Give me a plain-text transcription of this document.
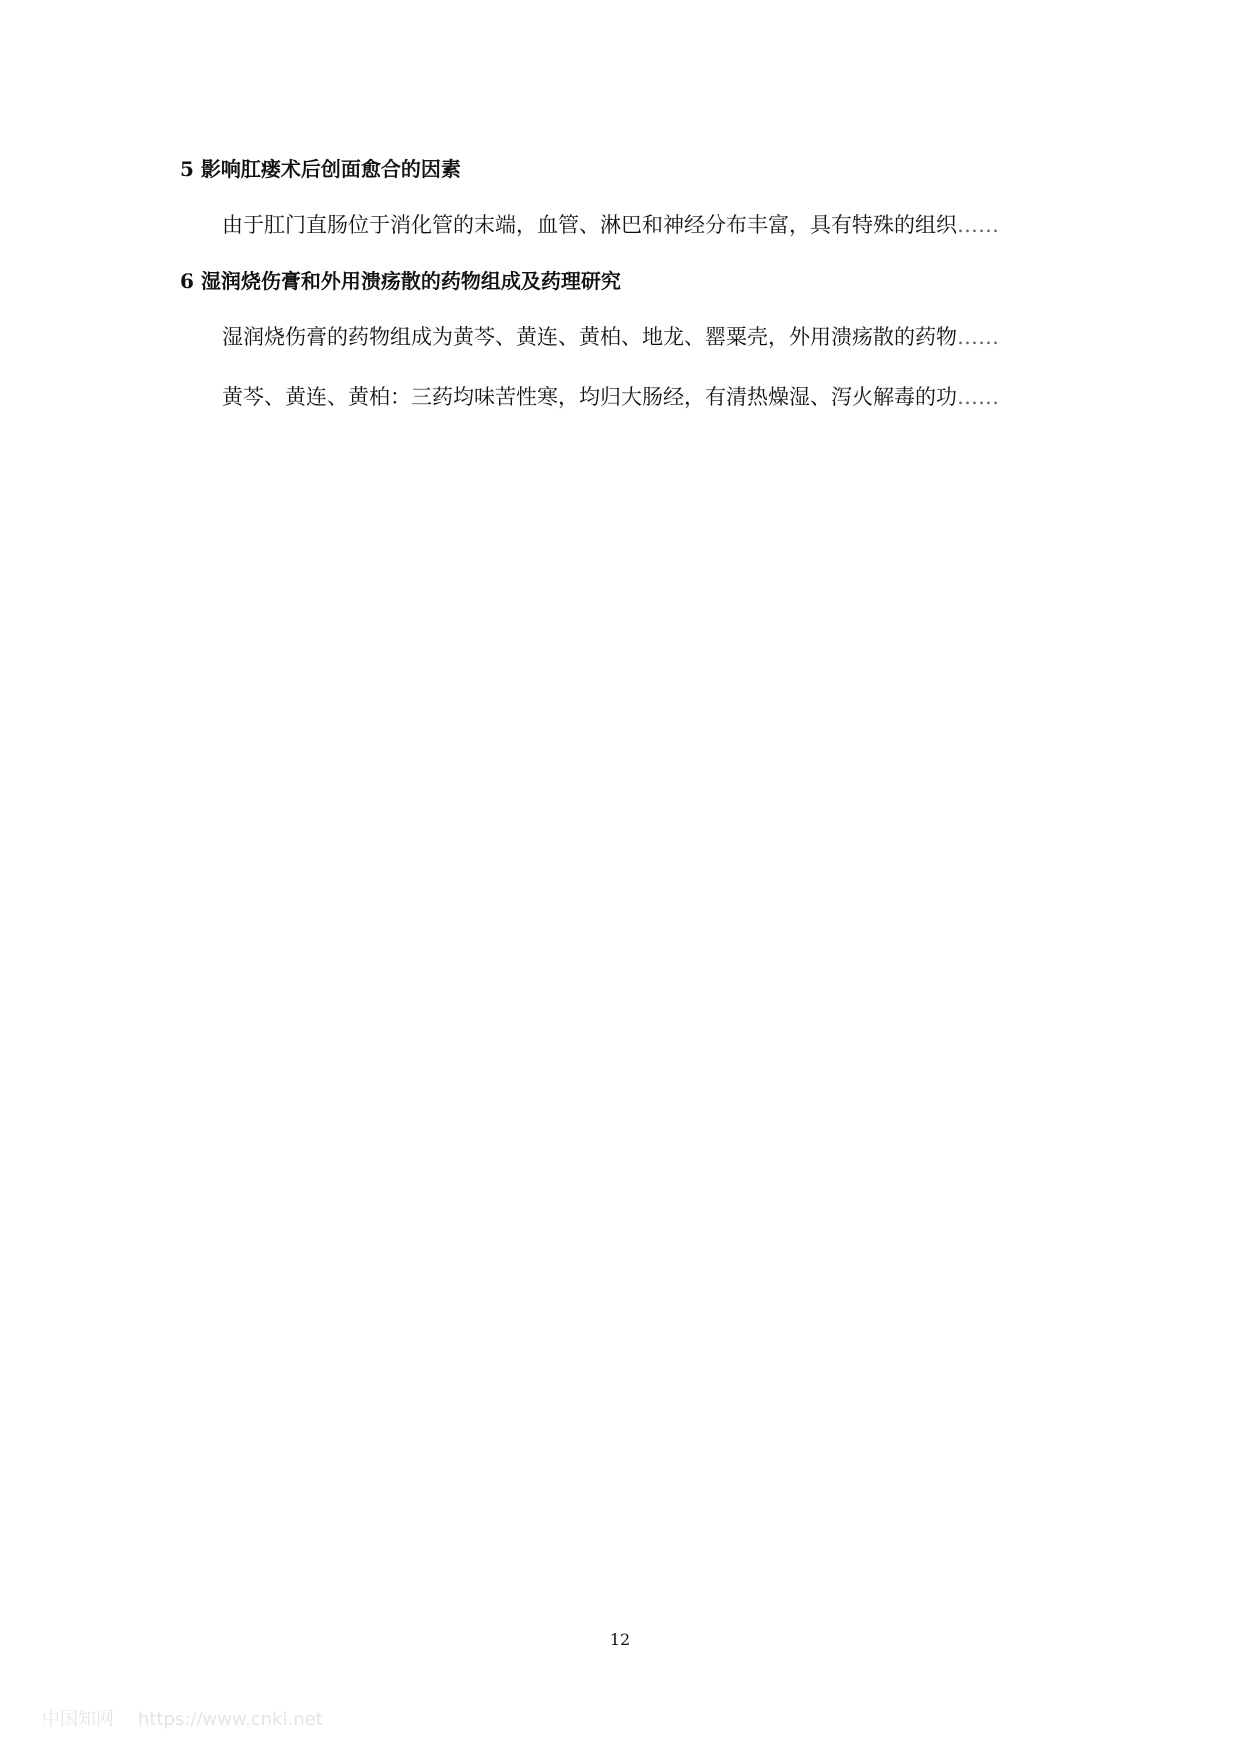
5 影响肛瘘术后创面愈合的因素

由于肛门直肠位于消化管的末端，血管、淋巴和神经分布丰富，具有特殊的组织……

6 湿润烧伤膏和外用溃疡散的药物组成及药理研究

湿润烧伤膏的药物组成为黄芩、黄连、黄柏、地龙、罂粟壳，外用溃疡散的药物……

黄芩、黄连、黄柏：三药均味苦性寒，均归大肠经，有清热燥湿、泻火解毒的功……

12
中国知网 https://www.cnki.net
